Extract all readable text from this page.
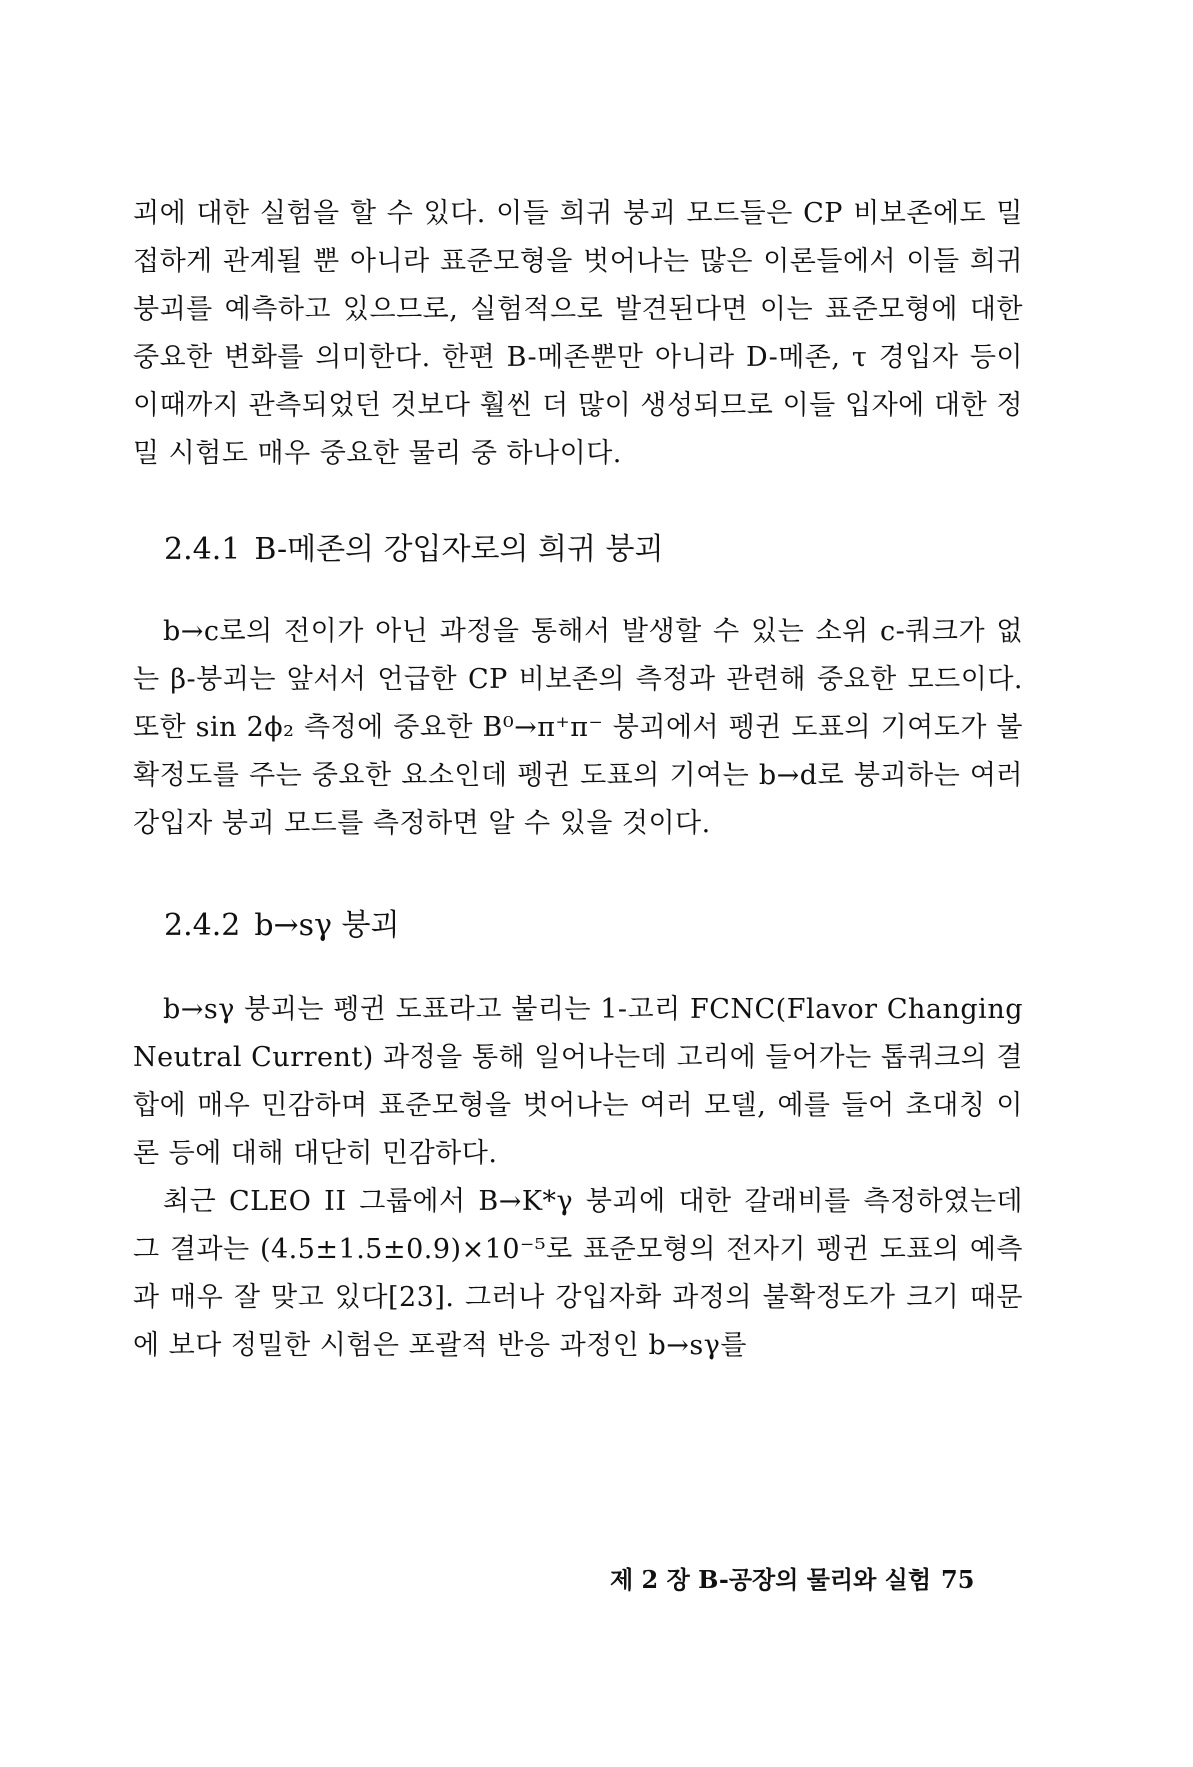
괴에 대한 실험을 할 수 있다. 이들 희귀 붕괴 모드들은 CP 비보존에도 밀접하게 관계될 뿐 아니라 표준모형을 벗어나는 많은 이론들에서 이들 희귀 붕괴를 예측하고 있으므로, 실험적으로 발견된다면 이는 표준모형에 대한 중요한 변화를 의미한다. 한편 B-메존뿐만 아니라 D-메존, τ 경입자 등이 이때까지 관측되었던 것보다 훨씬 더 많이 생성되므로 이들 입자에 대한 정밀 시험도 매우 중요한 물리 중 하나이다.

2.4.1 B-메존의 강입자로의 희귀 붕괴

b→c로의 전이가 아닌 과정을 통해서 발생할 수 있는 소위 c-쿼크가 없는 β-붕괴는 앞서서 언급한 CP 비보존의 측정과 관련해 중요한 모드이다. 또한 sin 2ϕ₂ 측정에 중요한 B⁰→π⁺π⁻ 붕괴에서 펭귄 도표의 기여도가 불확정도를 주는 중요한 요소인데 펭귄 도표의 기여는 b→d로 붕괴하는 여러 강입자 붕괴 모드를 측정하면 알 수 있을 것이다.

2.4.2 b→sγ 붕괴

b→sγ 붕괴는 펭귄 도표라고 불리는 1-고리 FCNC(Flavor Changing Neutral Current) 과정을 통해 일어나는데 고리에 들어가는 톱쿼크의 결합에 매우 민감하며 표준모형을 벗어나는 여러 모델, 예를 들어 초대칭 이론 등에 대해 대단히 민감하다.

최근 CLEO II 그룹에서 B→K*γ 붕괴에 대한 갈래비를 측정하였는데 그 결과는 (4.5±1.5±0.9)×10⁻⁵로 표준모형의 전자기 펭귄 도표의 예측과 매우 잘 맞고 있다[23]. 그러나 강입자화 과정의 불확정도가 크기 때문에 보다 정밀한 시험은 포괄적 반응 과정인 b→sγ를

제 2 장 B-공장의 물리와 실험 75
